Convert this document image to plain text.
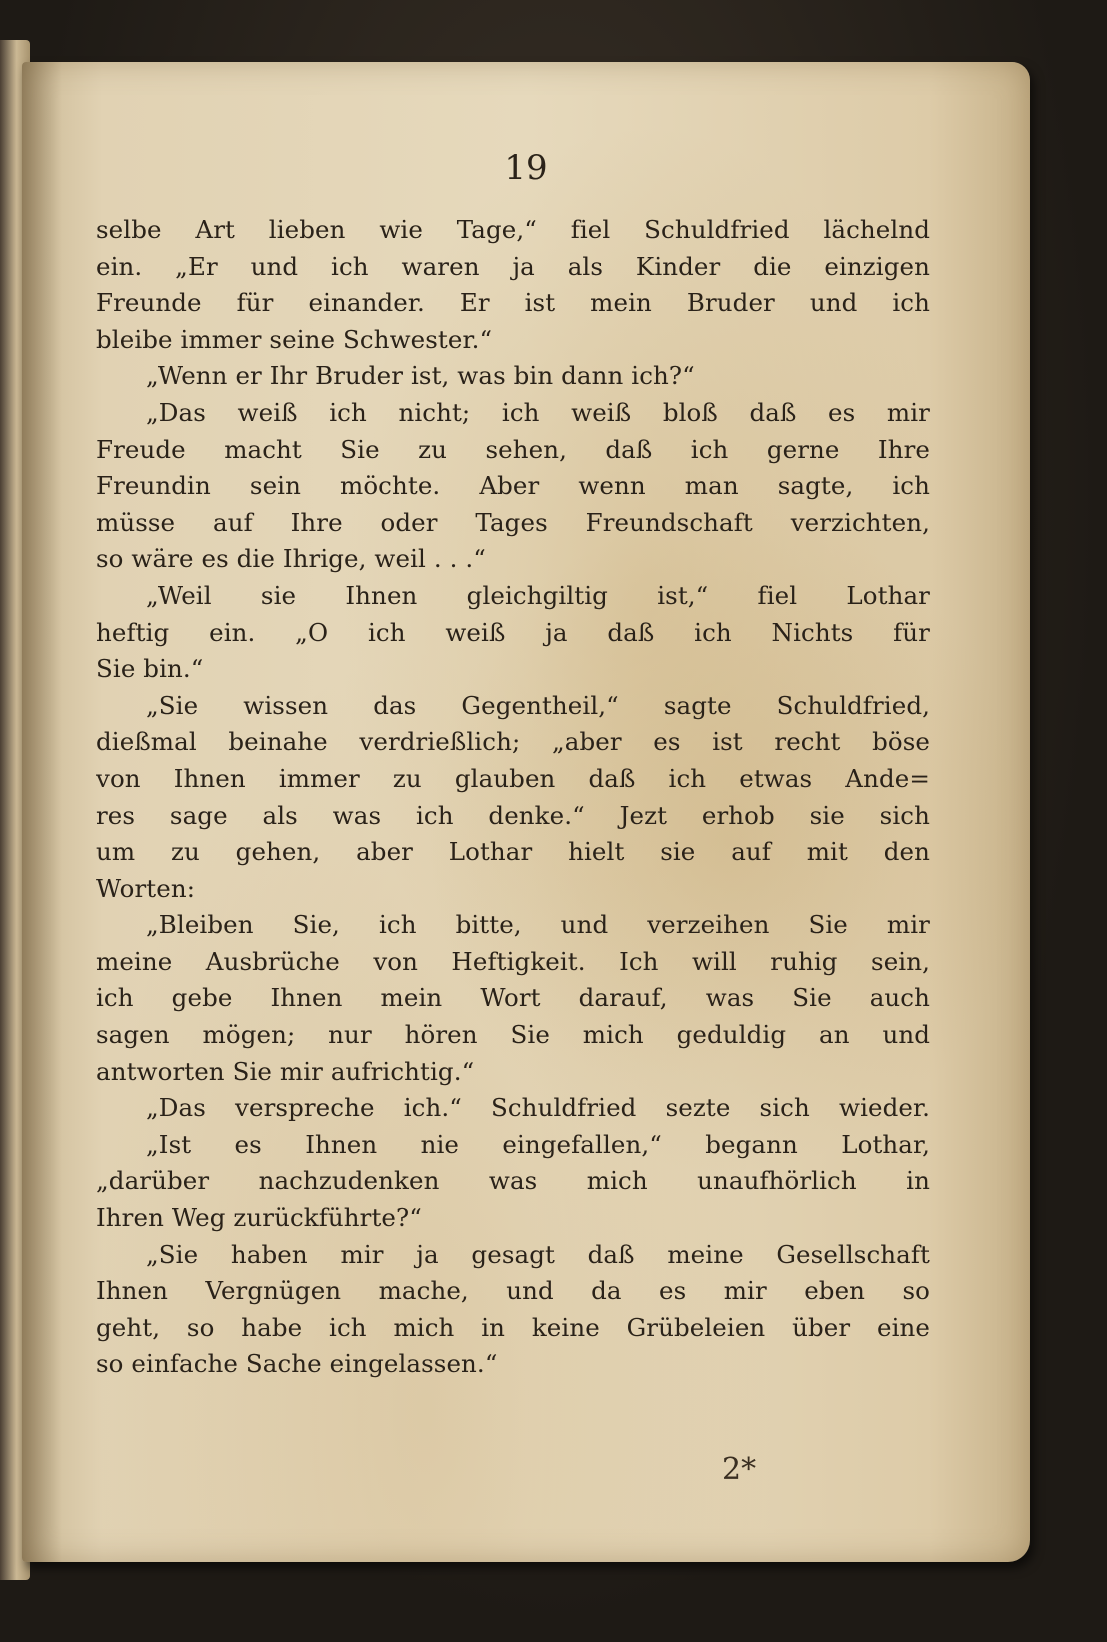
19
selbe Art lieben wie Tage,“ fiel Schuldfried lächelnd
ein. „Er und ich waren ja als Kinder die einzigen
Freunde für einander. Er ist mein Bruder und ich
bleibe immer seine Schwester.“
„Wenn er Ihr Bruder ist, was bin dann ich?“
„Das weiß ich nicht; ich weiß bloß daß es mir
Freude macht Sie zu sehen, daß ich gerne Ihre
Freundin sein möchte. Aber wenn man sagte, ich
müsse auf Ihre oder Tages Freundschaft verzichten,
so wäre es die Ihrige, weil . . .“
„Weil sie Ihnen gleichgiltig ist,“ fiel Lothar
heftig ein. „O ich weiß ja daß ich Nichts für
Sie bin.“
„Sie wissen das Gegentheil,“ sagte Schuldfried,
dießmal beinahe verdrießlich; „aber es ist recht böse
von Ihnen immer zu glauben daß ich etwas Ande=
res sage als was ich denke.“ Jezt erhob sie sich
um zu gehen, aber Lothar hielt sie auf mit den
Worten:
„Bleiben Sie, ich bitte, und verzeihen Sie mir
meine Ausbrüche von Heftigkeit. Ich will ruhig sein,
ich gebe Ihnen mein Wort darauf, was Sie auch
sagen mögen; nur hören Sie mich geduldig an und
antworten Sie mir aufrichtig.“
„Das verspreche ich.“ Schuldfried sezte sich wieder.
„Ist es Ihnen nie eingefallen,“ begann Lothar,
„darüber nachzudenken was mich unaufhörlich in
Ihren Weg zurückführte?“
„Sie haben mir ja gesagt daß meine Gesellschaft
Ihnen Vergnügen mache, und da es mir eben so
geht, so habe ich mich in keine Grübeleien über eine
so einfache Sache eingelassen.“
2*
